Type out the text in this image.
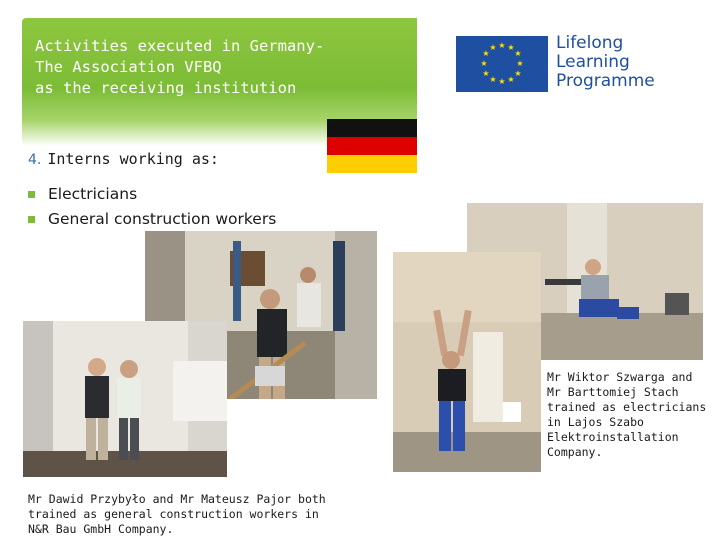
Activities executed in Germany-
The Association VFBQ
as the receiving institution
★ ★
★
★
★
★
★
★
★
★
★
★	Lifelong
Learning
Programme
4. Interns working as:
Electricians
General construction workers
Mr Wiktor Szwarga and
Mr Barttomiej Stach
trained as electricians
in Lajos Szabo
Elektroinstallation
Company.
Mr Dawid Przybyło and Mr Mateusz Pajor both
trained as general construction workers in
N&R Bau GmbH Company.
